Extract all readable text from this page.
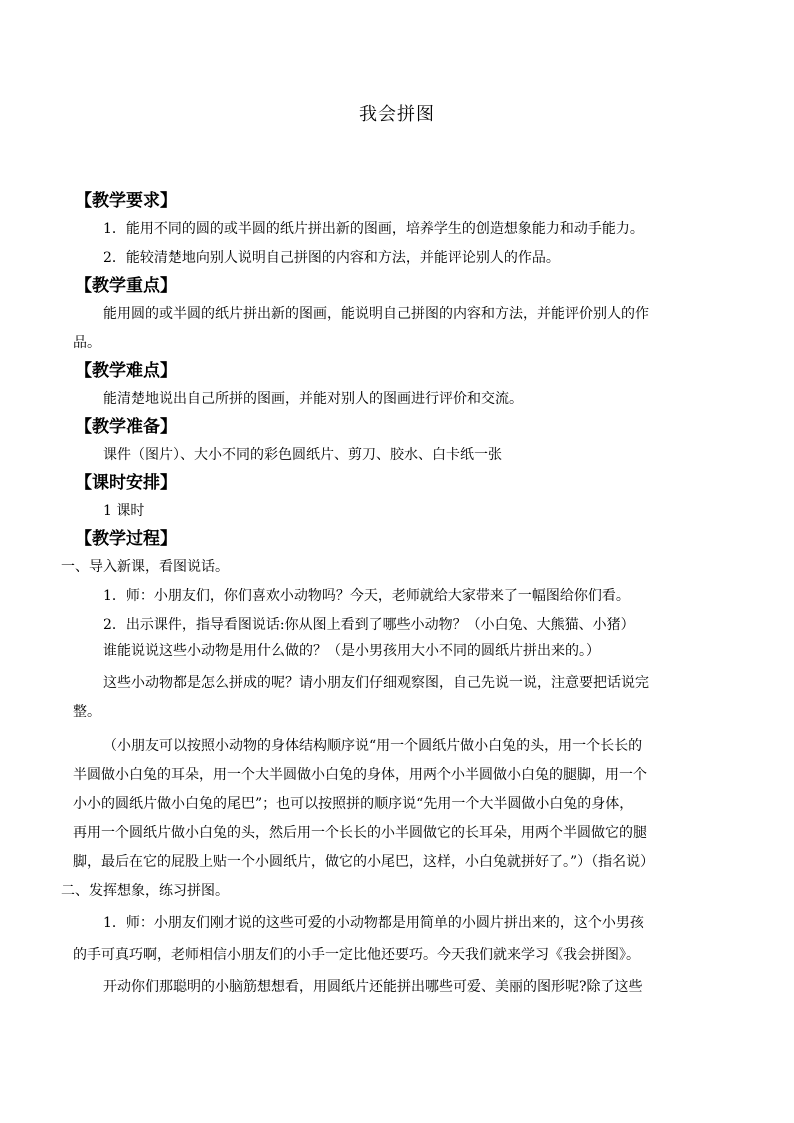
我会拼图
【教学要求】
1．能用不同的圆的或半圆的纸片拼出新的图画，培养学生的创造想象能力和动手能力。
2．能较清楚地向别人说明自己拼图的内容和方法，并能评论别人的作品。
【教学重点】
能用圆的或半圆的纸片拼出新的图画，能说明自己拼图的内容和方法，并能评价别人的作
品。
【教学难点】
能清楚地说出自己所拼的图画，并能对别人的图画进行评价和交流。
【教学准备】
课件（图片）、大小不同的彩色圆纸片、剪刀、胶水、白卡纸一张
【课时安排】
1 课时
【教学过程】
一、导入新课，看图说话。
1．师：小朋友们，你们喜欢小动物吗？今天，老师就给大家带来了一幅图给你们看。
2．出示课件，指导看图说话:你从图上看到了哪些小动物？（小白兔、大熊猫、小猪）
谁能说说这些小动物是用什么做的？（是小男孩用大小不同的圆纸片拼出来的。）
这些小动物都是怎么拼成的呢？请小朋友们仔细观察图，自己先说一说，注意要把话说完
整。
（小朋友可以按照小动物的身体结构顺序说“用一个圆纸片做小白兔的头，用一个长长的
半圆做小白兔的耳朵，用一个大半圆做小白兔的身体，用两个小半圆做小白兔的腿脚，用一个
小小的圆纸片做小白兔的尾巴”；也可以按照拼的顺序说“先用一个大半圆做小白兔的身体，
再用一个圆纸片做小白兔的头，然后用一个长长的小半圆做它的长耳朵，用两个半圆做它的腿
脚，最后在它的屁股上贴一个小圆纸片，做它的小尾巴，这样，小白兔就拼好了。”）（指名说）
二、发挥想象，练习拼图。
1．师：小朋友们刚才说的这些可爱的小动物都是用简单的小圆片拼出来的，这个小男孩
的手可真巧啊，老师相信小朋友们的小手一定比他还要巧。今天我们就来学习《我会拼图》。
开动你们那聪明的小脑筋想想看，用圆纸片还能拼出哪些可爱、美丽的图形呢?除了这些
